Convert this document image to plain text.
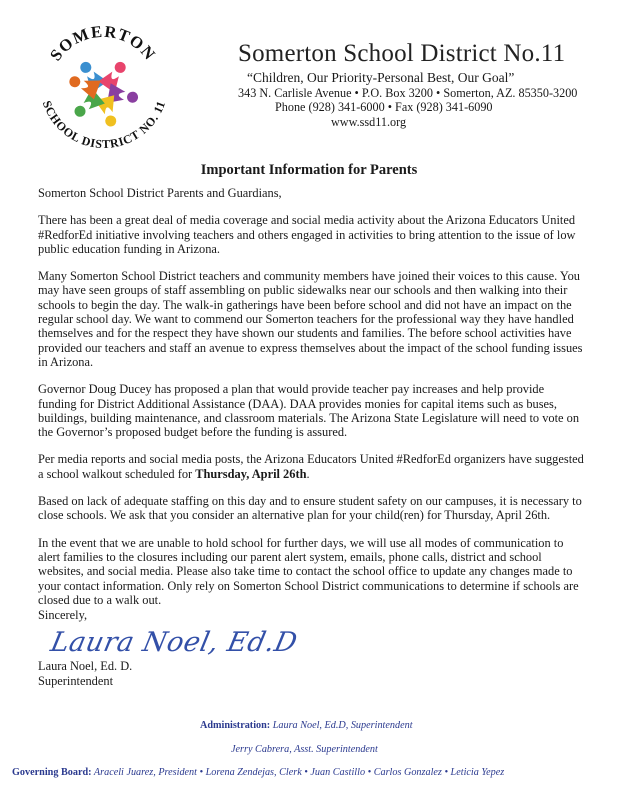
SOMERTON
SCHOOL DISTRICT NO. 11
Somerton School District No.11
“Children, Our Priority-Personal Best, Our Goal”
343 N. Carlisle Avenue • P.O. Box 3200 • Somerton, AZ. 85350-3200
Phone (928) 341-6000 • Fax (928) 341-6090
www.ssd11.org
Important Information for Parents

Somerton School District Parents and Guardians,

There has been a great deal of media coverage and social media activity about the Arizona Educators United #RedforEd initiative involving teachers and others engaged in activities to bring attention to the issue of low public education funding in Arizona.

Many Somerton School District teachers and community members have joined their voices to this cause. You may have seen groups of staff assembling on public sidewalks near our schools and then walking into their schools to begin the day. The walk-in gatherings have been before school and did not have an impact on the regular school day. We want to commend our Somerton teachers for the professional way they have handled themselves and for the respect they have shown our students and families. The before school activities have provided our teachers and staff an avenue to express themselves about the impact of the school funding issues in Arizona.

Governor Doug Ducey has proposed a plan that would provide teacher pay increases and help provide funding for District Additional Assistance (DAA). DAA provides monies for capital items such as buses, buildings, building maintenance, and classroom materials. The Arizona State Legislature will need to vote on the Governor’s proposed budget before the funding is assured.

Per media reports and social media posts, the Arizona Educators United #RedforEd organizers have suggested a school walkout scheduled for Thursday, April 26th.

Based on lack of adequate staffing on this day and to ensure student safety on our campuses, it is necessary to close schools. We ask that you consider an alternative plan for your child(ren) for Thursday, April 26th.

In the event that we are unable to hold school for further days, we will use all modes of communication to alert families to the closures including our parent alert system, emails, phone calls, district and school websites, and social media. Please also take time to contact the school office to update any changes made to your contact information. Only rely on Somerton School District communications to determine if schools are closed due to a walk out.

Sincerely,
Laura Noel, Ed.D
Laura Noel, Ed. D.
Superintendent
Administration: Laura Noel, Ed.D, Superintendent
Jerry Cabrera, Asst. Superintendent
Governing Board: Araceli Juarez, President • Lorena Zendejas, Clerk • Juan Castillo • Carlos Gonzalez • Leticia Yepez
